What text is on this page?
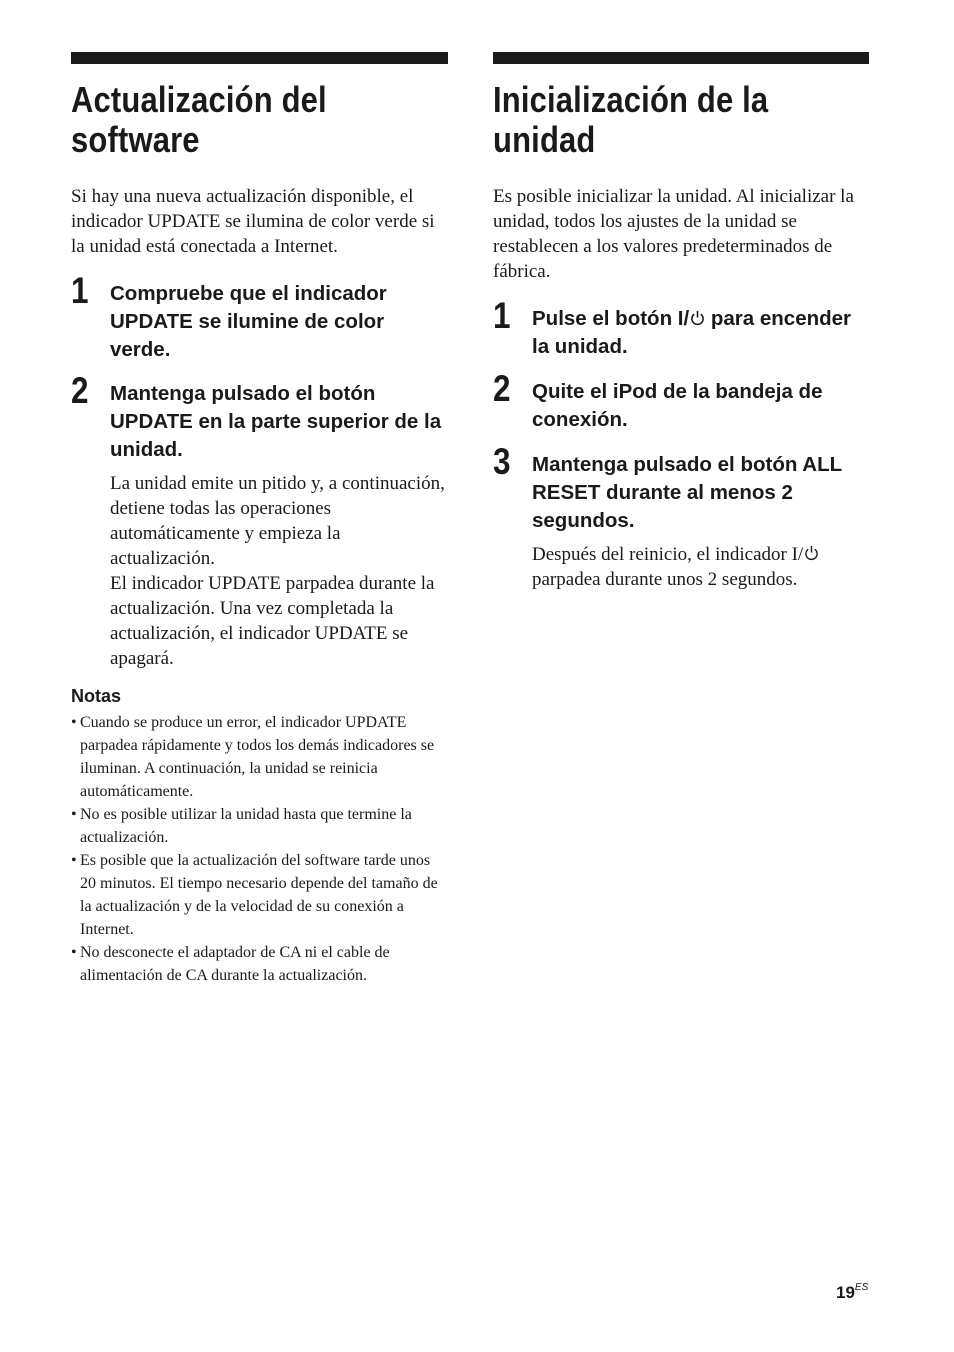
Actualización del
software

Si hay una nueva actualización disponible, el indicador UPDATE se ilumina de color verde si la unidad está conectada a Internet.

1 Compruebe que el indicador UPDATE se ilumine de color verde.

2 Mantenga pulsado el botón UPDATE en la parte superior de la unidad.

La unidad emite un pitido y, a continuación, detiene todas las operaciones automáticamente y empieza la actualización.
El indicador UPDATE parpadea durante la actualización. Una vez completada la actualización, el indicador UPDATE se apagará.

Notas

• Cuando se produce un error, el indicador UPDATE parpadea rápidamente y todos los demás indicadores se iluminan. A continuación, la unidad se reinicia automáticamente.
• No es posible utilizar la unidad hasta que termine la actualización.
• Es posible que la actualización del software tarde unos 20 minutos. El tiempo necesario depende del tamaño de la actualización y de la velocidad de su conexión a Internet.
• No desconecte el adaptador de CA ni el cable de alimentación de CA durante la actualización.
Inicialización de la
unidad

Es posible inicializar la unidad. Al inicializar la unidad, todos los ajustes de la unidad se restablecen a los valores predeterminados de fábrica.

1 Pulse el botón I/ para encender la unidad.

2 Quite el iPod de la bandeja de conexión.

3 Mantenga pulsado el botón ALL RESET durante al menos 2 segundos.

Después del reinicio, el indicador I/ parpadea durante unos 2 segundos.

$19^{ES}$
